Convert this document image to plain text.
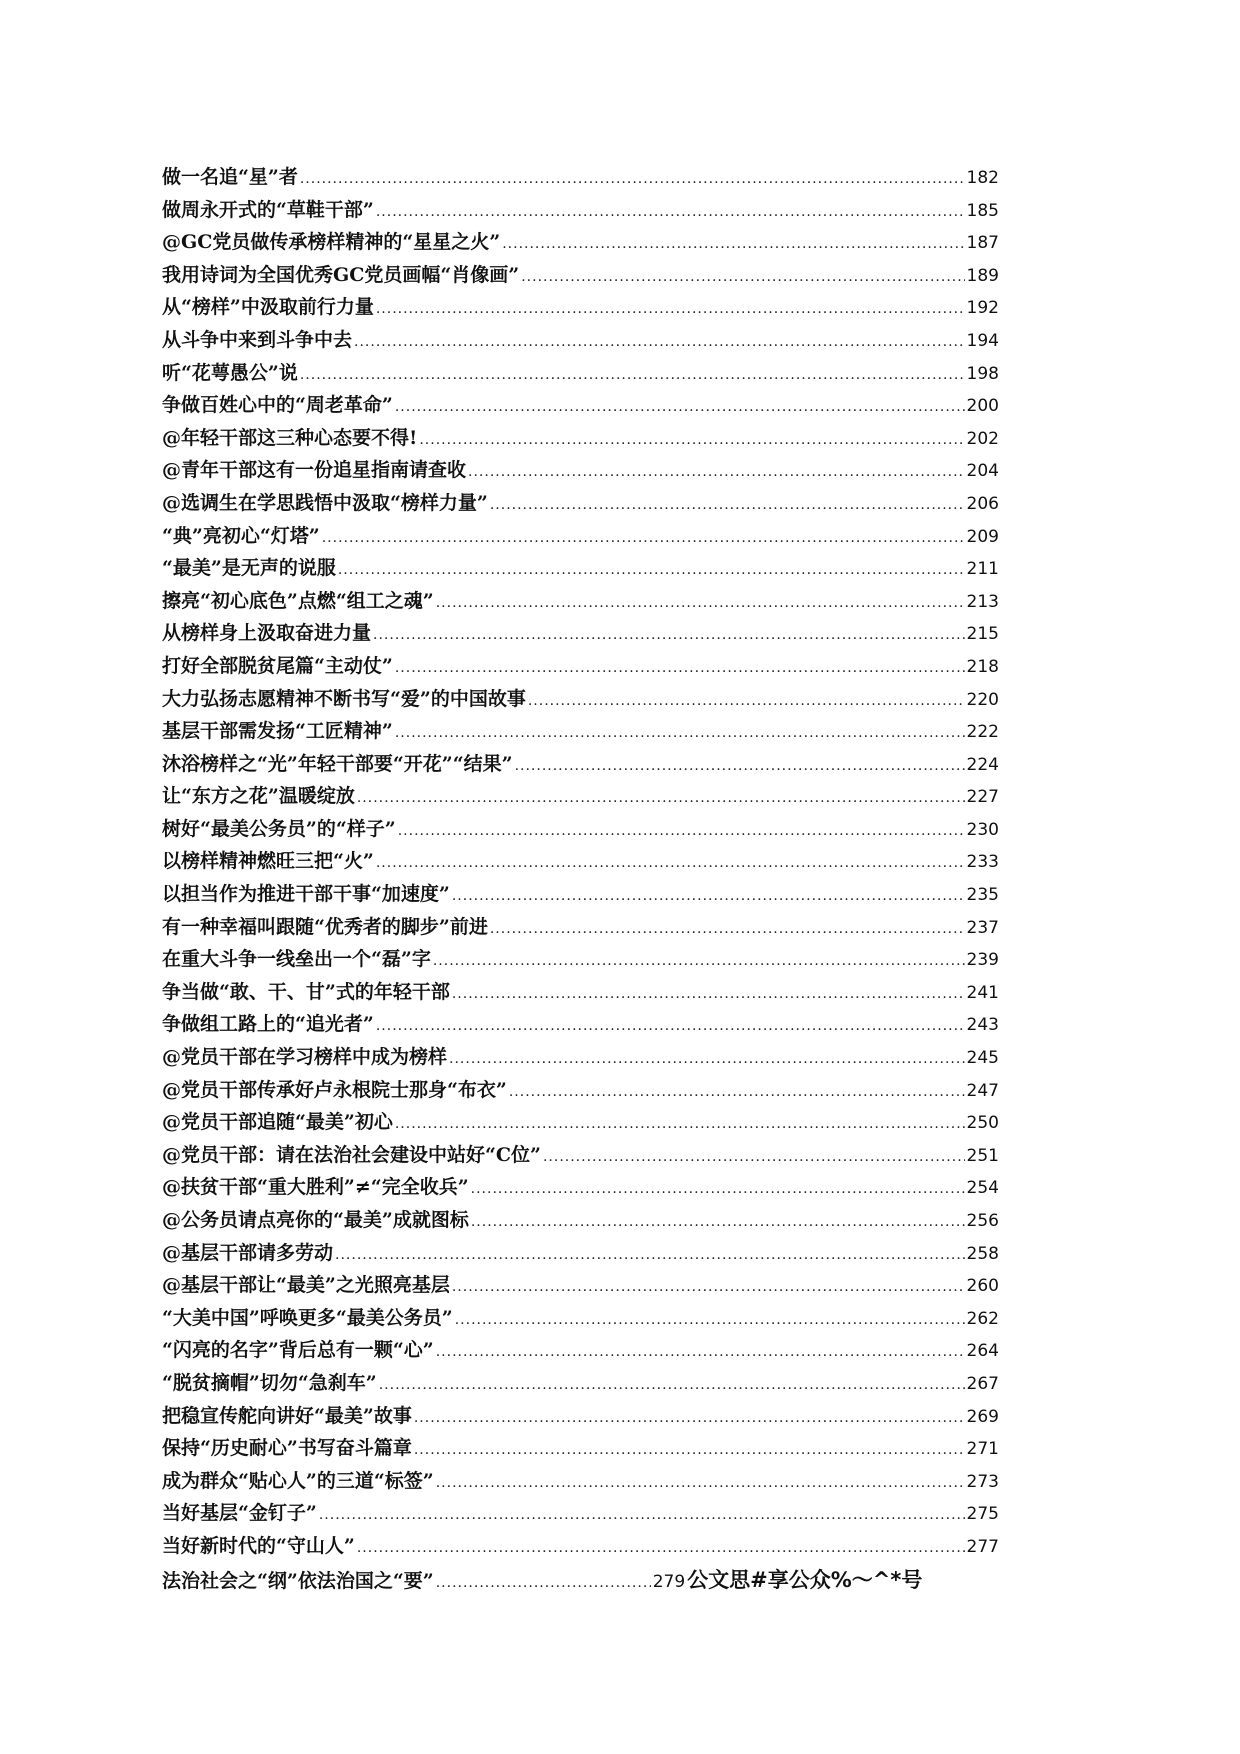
做一名追“星”者 .....	182
做周永开式的“草鞋干部” .....	185
@GC党员做传承榜样精神的“星星之火” .....	187
我用诗词为全国优秀GC党员画幅“肖像画” .....	189
从“榜样”中汲取前行力量 .....	192
从斗争中来到斗争中去 .....	194
听“花萼愚公”说 .....	198
争做百姓心中的“周老革命” .....	200
@年轻干部这三种心态要不得! .....	202
@青年干部这有一份追星指南请查收 .....	204
@选调生在学思践悟中汲取“榜样力量” .....	206
“典”亮初心“灯塔” .....	209
“最美”是无声的说服 .....	211
擦亮“初心底色”点燃“组工之魂” .....	213
从榜样身上汲取奋进力量 .....	215
打好全部脱贫尾篇“主动仗” .....	218
大力弘扬志愿精神不断书写“爱”的中国故事 .....	220
基层干部需发扬“工匠精神” .....	222
沐浴榜样之“光”年轻干部要“开花”“结果” .....	224
让“东方之花”温暖绽放 .....	227
树好“最美公务员”的“样子” .....	230
以榜样精神燃旺三把“火” .....	233
以担当作为推进干部干事“加速度” .....	235
有一种幸福叫跟随“优秀者的脚步”前进 .....	237
在重大斗争一线垒出一个“磊”字 .....	239
争当做“敢、干、甘”式的年轻干部 .....	241
争做组工路上的“追光者” .....	243
@党员干部在学习榜样中成为榜样 .....	245
@党员干部传承好卢永根院士那身“布衣” .....	247
@党员干部追随“最美”初心 .....	250
@党员干部：请在法治社会建设中站好“C位” .....	251
@扶贫干部“重大胜利”≠“完全收兵” .....	254
@公务员请点亮你的“最美”成就图标 .....	256
@基层干部请多劳动 .....	258
@基层干部让“最美”之光照亮基层 .....	260
“大美中国”呼唤更多“最美公务员” .....	262
“闪亮的名字”背后总有一颗“心” .....	264
“脱贫摘帽”切勿“急刹车” .....	267
把稳宣传舵向讲好“最美”故事 .....	269
保持“历史耐心”书写奋斗篇章 .....	271
成为群众“贴心人”的三道“标签” .....	273
当好基层“金钉子” .....	275
当好新时代的“守山人” .....	277
法治社会之“纲”依法治国之“要” .....	279 公文思#享公众%～^*号
